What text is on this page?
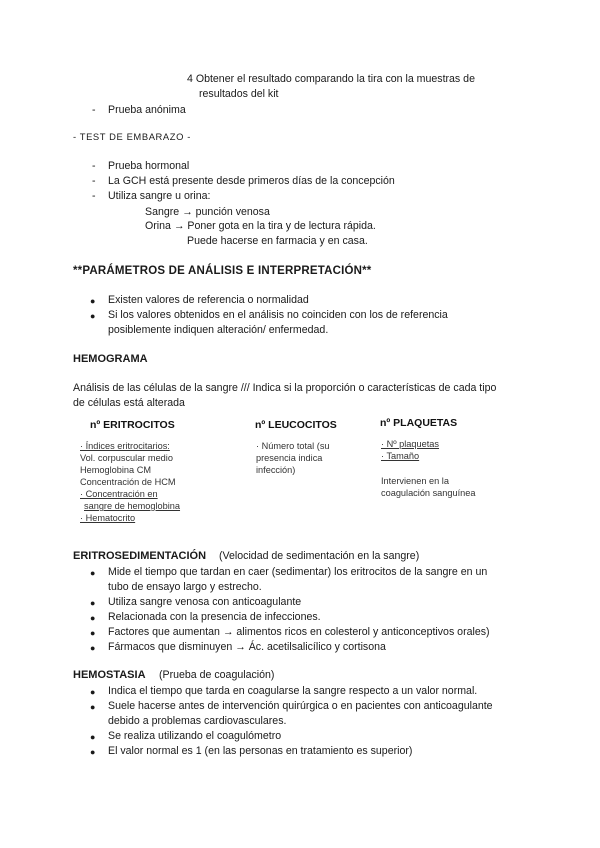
4 Obtener el resultado comparando la tira con la muestras de
resultados del kit
- Prueba anónima
- TEST DE EMBARAZO -
- Prueba hormonal
- La GCH está presente desde primeros días de la concepción
- Utiliza sangre u orina:
Sangre → punción venosa
Orina → Poner gota en la tira y de lectura rápida.
Puede hacerse en farmacia y en casa.
**PARÁMETROS DE ANÁLISIS E INTERPRETACIÓN**
● Existen valores de referencia o normalidad
● Si los valores obtenidos en el análisis no coinciden con los de referencia
posiblemente indiquen alteración/ enfermedad.
HEMOGRAMA
Análisis de las células de la sangre /// Indica si la proporción o características de cada tipo
de células está alterada
nº ERITROCITOS
· Índices eritrocitarios:
Vol. corpuscular medio
Hemoglobina CM
Concentración de HCM
· Concentración en
sangre de hemoglobina
· Hematocrito
nº LEUCOCITOS
· Número total (su
presencia indica
infección)
nº PLAQUETAS
· Nº plaquetas
· Tamaño
Intervienen en la
coagulación sanguínea
ERITROSEDIMENTACIÓN (Velocidad de sedimentación en la sangre)
● Mide el tiempo que tardan en caer (sedimentar) los eritrocitos de la sangre en un
tubo de ensayo largo y estrecho.
● Utiliza sangre venosa con anticoagulante
● Relacionada con la presencia de infecciones.
● Factores que aumentan → alimentos ricos en colesterol y anticonceptivos orales)
● Fármacos que disminuyen → Ác. acetilsalicílico y cortisona
HEMOSTASIA (Prueba de coagulación)
● Indica el tiempo que tarda en coagularse la sangre respecto a un valor normal.
● Suele hacerse antes de intervención quirúrgica o en pacientes con anticoagulante
debido a problemas cardiovasculares.
● Se realiza utilizando el coagulómetro
● El valor normal es 1 (en las personas en tratamiento es superior)
